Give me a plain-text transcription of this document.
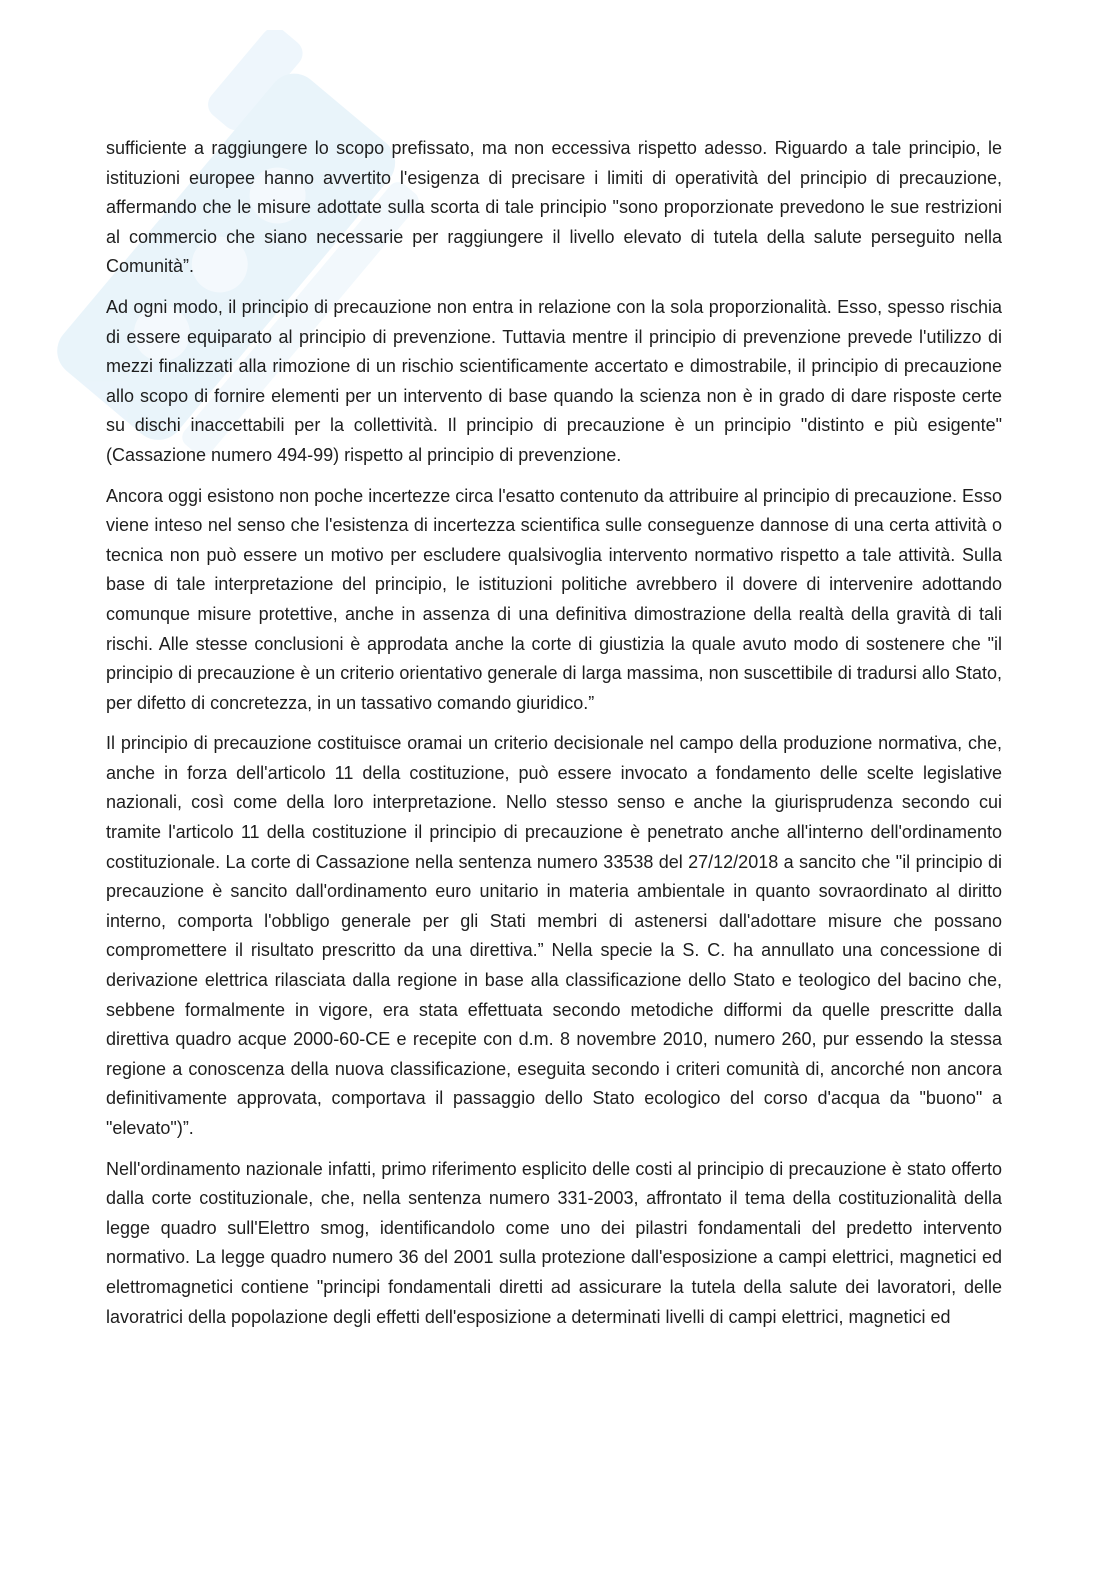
sufficiente a raggiungere lo scopo prefissato, ma non eccessiva rispetto adesso. Riguardo a tale principio, le istituzioni europee hanno avvertito l'esigenza di precisare i limiti di operatività del principio di precauzione, affermando che le misure adottate sulla scorta di tale principio "sono proporzionate prevedono le sue restrizioni al commercio che siano necessarie per raggiungere il livello elevato di tutela della salute perseguito nella Comunità”.

Ad ogni modo, il principio di precauzione non entra in relazione con la sola proporzionalità. Esso, spesso rischia di essere equiparato al principio di prevenzione. Tuttavia mentre il principio di prevenzione prevede l'utilizzo di mezzi finalizzati alla rimozione di un rischio scientificamente accertato e dimostrabile, il principio di precauzione allo scopo di fornire elementi per un intervento di base quando la scienza non è in grado di dare risposte certe su dischi inaccettabili per la collettività. Il principio di precauzione è un principio "distinto e più esigente" (Cassazione numero 494-99) rispetto al principio di prevenzione.

Ancora oggi esistono non poche incertezze circa l'esatto contenuto da attribuire al principio di precauzione. Esso viene inteso nel senso che l'esistenza di incertezza scientifica sulle conseguenze dannose di una certa attività o tecnica non può essere un motivo per escludere qualsivoglia intervento normativo rispetto a tale attività. Sulla base di tale interpretazione del principio, le istituzioni politiche avrebbero il dovere di intervenire adottando comunque misure protettive, anche in assenza di una definitiva dimostrazione della realtà della gravità di tali rischi. Alle stesse conclusioni è approdata anche la corte di giustizia la quale avuto modo di sostenere che "il principio di precauzione è un criterio orientativo generale di larga massima, non suscettibile di tradursi allo Stato, per difetto di concretezza, in un tassativo comando giuridico.”

Il principio di precauzione costituisce oramai un criterio decisionale nel campo della produzione normativa, che, anche in forza dell'articolo 11 della costituzione, può essere invocato a fondamento delle scelte legislative nazionali, così come della loro interpretazione. Nello stesso senso e anche la giurisprudenza secondo cui tramite l'articolo 11 della costituzione il principio di precauzione è penetrato anche all'interno dell'ordinamento costituzionale. La corte di Cassazione nella sentenza numero 33538 del 27/12/2018 a sancito che "il principio di precauzione è sancito dall'ordinamento euro unitario in materia ambientale in quanto sovraordinato al diritto interno, comporta l'obbligo generale per gli Stati membri di astenersi dall'adottare misure che possano compromettere il risultato prescritto da una direttiva.” Nella specie la S. C. ha annullato una concessione di derivazione elettrica rilasciata dalla regione in base alla classificazione dello Stato e teologico del bacino che, sebbene formalmente in vigore, era stata effettuata secondo metodiche difformi da quelle prescritte dalla direttiva quadro acque 2000-60-CE e recepite con d.m. 8 novembre 2010, numero 260, pur essendo la stessa regione a conoscenza della nuova classificazione, eseguita secondo i criteri comunità di, ancorché non ancora definitivamente approvata, comportava il passaggio dello Stato ecologico del corso d'acqua da "buono" a "elevato")”.

Nell'ordinamento nazionale infatti, primo riferimento esplicito delle costi al principio di precauzione è stato offerto dalla corte costituzionale, che, nella sentenza numero 331-2003, affrontato il tema della costituzionalità della legge quadro sull'Elettro smog, identificandolo come uno dei pilastri fondamentali del predetto intervento normativo. La legge quadro numero 36 del 2001 sulla protezione dall'esposizione a campi elettrici, magnetici ed elettromagnetici contiene "principi fondamentali diretti ad assicurare la tutela della salute dei lavoratori, delle lavoratrici della popolazione degli effetti dell'esposizione a determinati livelli di campi elettrici, magnetici ed
